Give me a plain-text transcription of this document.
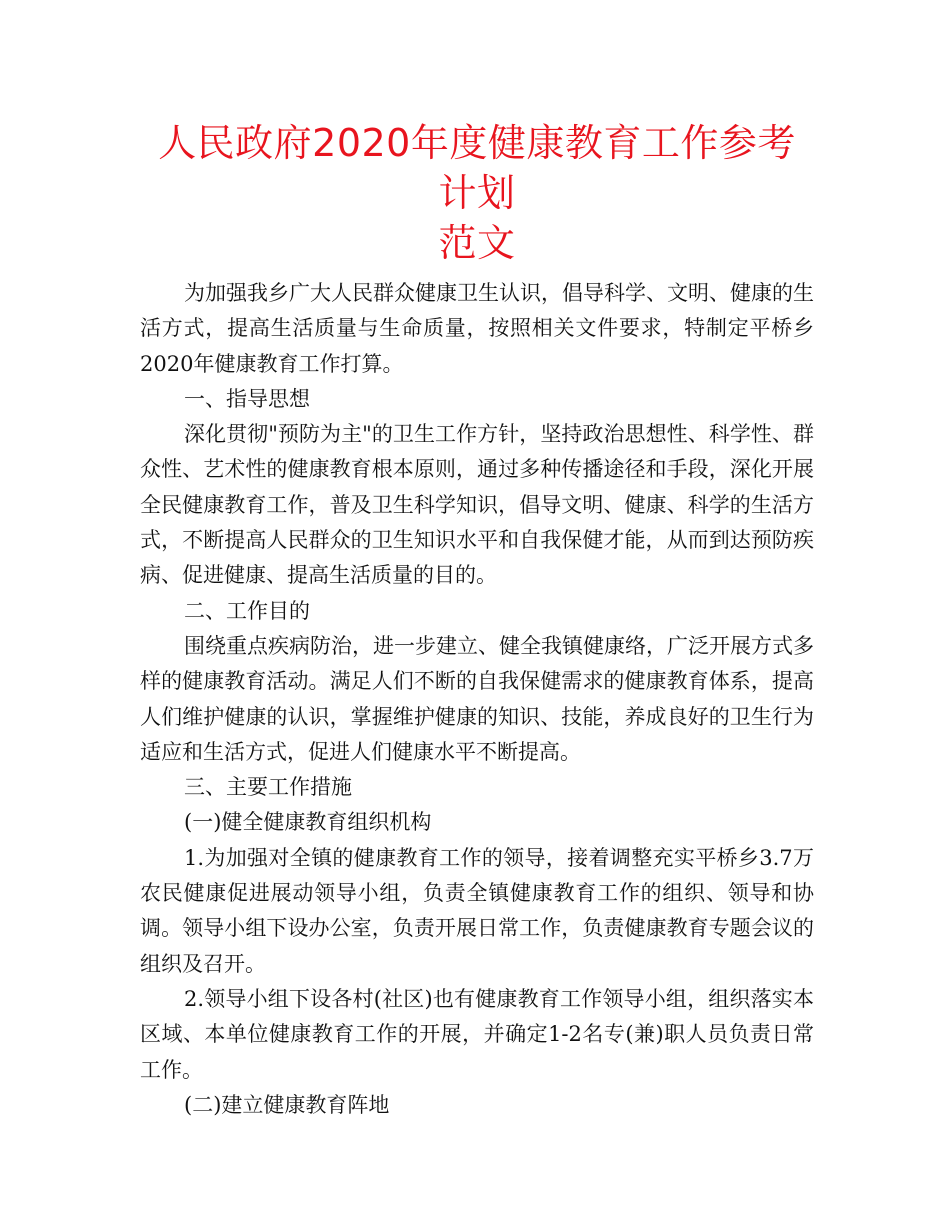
人民政府2020年度健康教育工作参考计划
范文

为加强我乡广大人民群众健康卫生认识，倡导科学、文明、健康的生活方式，提高生活质量与生命质量，按照相关文件要求，特制定平桥乡2020年健康教育工作打算。

一、指导思想

深化贯彻"预防为主"的卫生工作方针，坚持政治思想性、科学性、群众性、艺术性的健康教育根本原则，通过多种传播途径和手段，深化开展全民健康教育工作，普及卫生科学知识，倡导文明、健康、科学的生活方式，不断提高人民群众的卫生知识水平和自我保健才能，从而到达预防疾病、促进健康、提高生活质量的目的。

二、工作目的

围绕重点疾病防治，进一步建立、健全我镇健康络，广泛开展方式多样的健康教育活动。满足人们不断的自我保健需求的健康教育体系，提高人们维护健康的认识，掌握维护健康的知识、技能，养成良好的卫生行为适应和生活方式，促进人们健康水平不断提高。

三、主要工作措施

(一)健全健康教育组织机构

1.为加强对全镇的健康教育工作的领导，接着调整充实平桥乡3.7万农民健康促进展动领导小组，负责全镇健康教育工作的组织、领导和协调。领导小组下设办公室，负责开展日常工作，负责健康教育专题会议的组织及召开。

2.领导小组下设各村(社区)也有健康教育工作领导小组，组织落实本区域、本单位健康教育工作的开展，并确定1-2名专(兼)职人员负责日常工作。

(二)建立健康教育阵地
